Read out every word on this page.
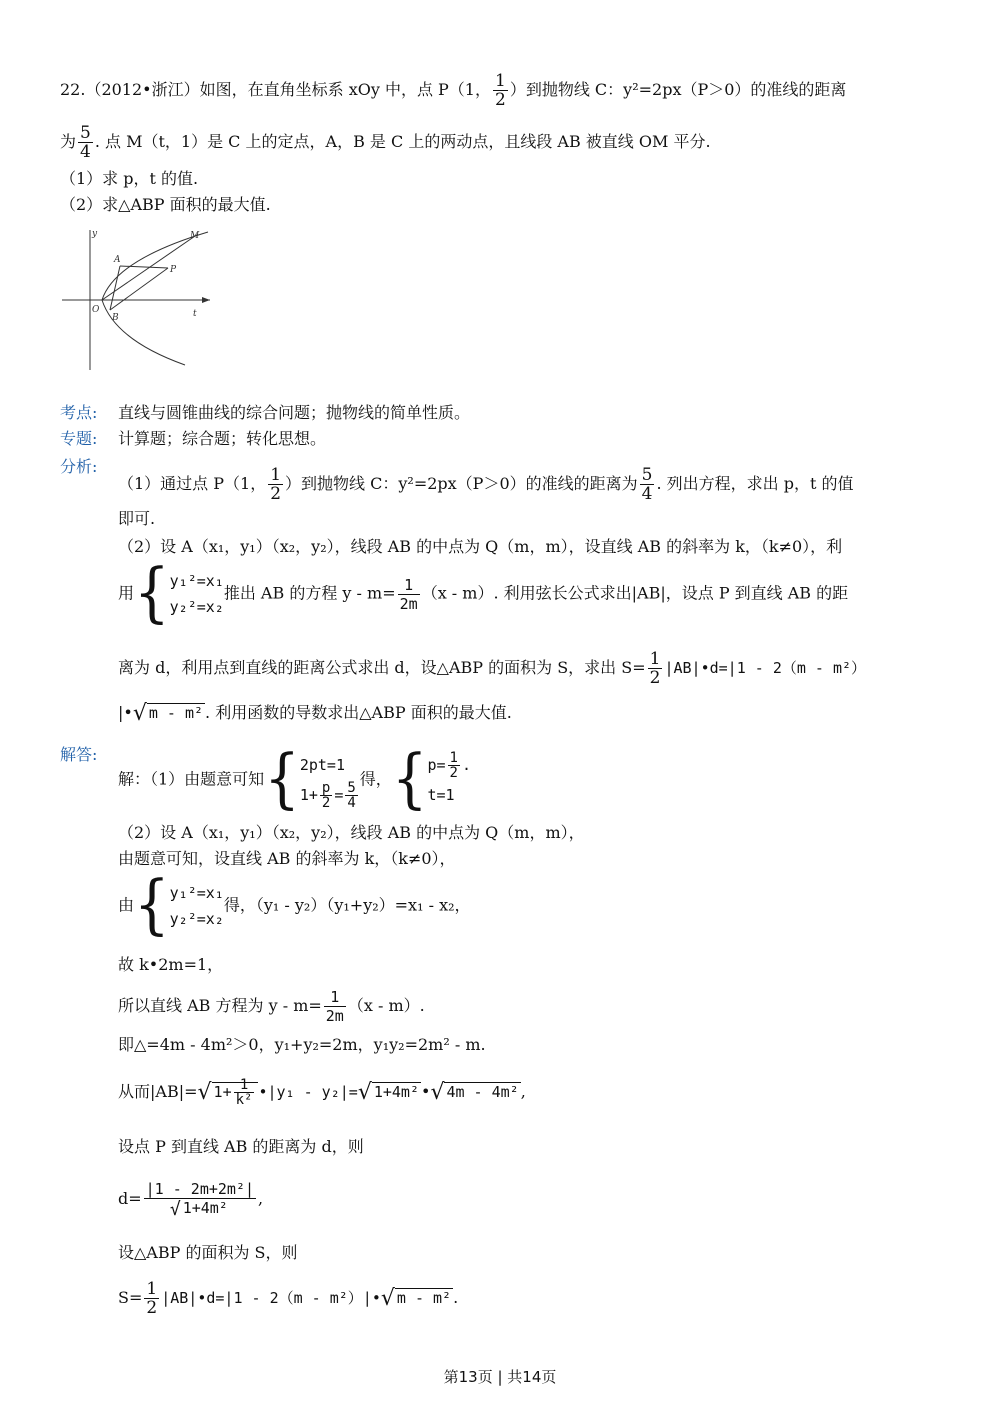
22.（2012•浙江）如图，在直角坐标系 xOy 中，点 P（1， $\frac{1}{2}$ ）到抛物线 C：y²=2px（P＞0）的准线的距离
为 $\frac{5}{4}$ . 点 M（t，1）是 C 上的定点，A，B 是 C 上的两动点，且线段 AB 被直线 OM 平分.
（1）求 p，t 的值.
（2）求△ABP 面积的最大值.
y
t
O
A
B
M
P
考点: 直线与圆锥曲线的综合问题；抛物线的简单性质。
专题: 计算题；综合题；转化思想。
分析:
（1）通过点 P（1， $\frac{1}{2}$ ）到抛物线 C：y²=2px（P＞0）的准线的距离为 $\frac{5}{4}$ . 列出方程，求出 p，t 的值
即可.
（2）设 A（x₁，y₁）（x₂，y₂），线段 AB 的中点为 Q（m，m），设直线 AB 的斜率为 k，（k≠0），利
用{ y₁²=x₁
y₂²=x₂
推出 AB 的方程 $y - m= \frac{1}{2m} (x - m)$. 利用弦长公式求出|AB|，设点 P 到直线 AB 的距
离为 d，利用点到直线的距离公式求出 d，设△ABP 的面积为 S，求出 $S= \frac{1}{2}$ |AB|•d=|1 - 2（m - m²）
|•√ m - m² . 利用函数的导数求出△ABP 面积的最大值.
解答:
解：（1）由题意可知{ 2pt=1
$1+ \frac{p}{2} = \frac{5}{4}$
得，{ $p= \frac{1}{2}$ .
t=1
（2）设 A（x₁，y₁）（x₂，y₂），线段 AB 的中点为 Q（m，m），
由题意可知，设直线 AB 的斜率为 k，（k≠0），
由{ y₁²=x₁
y₂²=x₂
得，（y₁ - y₂）（y₁+y₂）=x₁ - x₂，
故 k•2m=1，
所以直线 AB 方程为 $y - m= \frac{1}{2m} (x - m)$.
即△=4m - 4m²＞0，y₁+y₂=2m，y₁y₂=2m² - m.
从而|AB|=√ $1+ \frac{1}{\text{k²}}$ •|y₁ - y₂|=√ 1+4m² •√ 4m - 4m² ,
设点 P 到直线 AB 的距离为 d，则
$d= \frac{\text{|1 - 2m+2m²|}}{\text{√ 1+4m²}}$ ,
设△ABP 的面积为 S，则
$S= \frac{1}{2}$ |AB|•d=|1 - 2（m - m²）|•√ m - m² .
第13页 | 共14页
